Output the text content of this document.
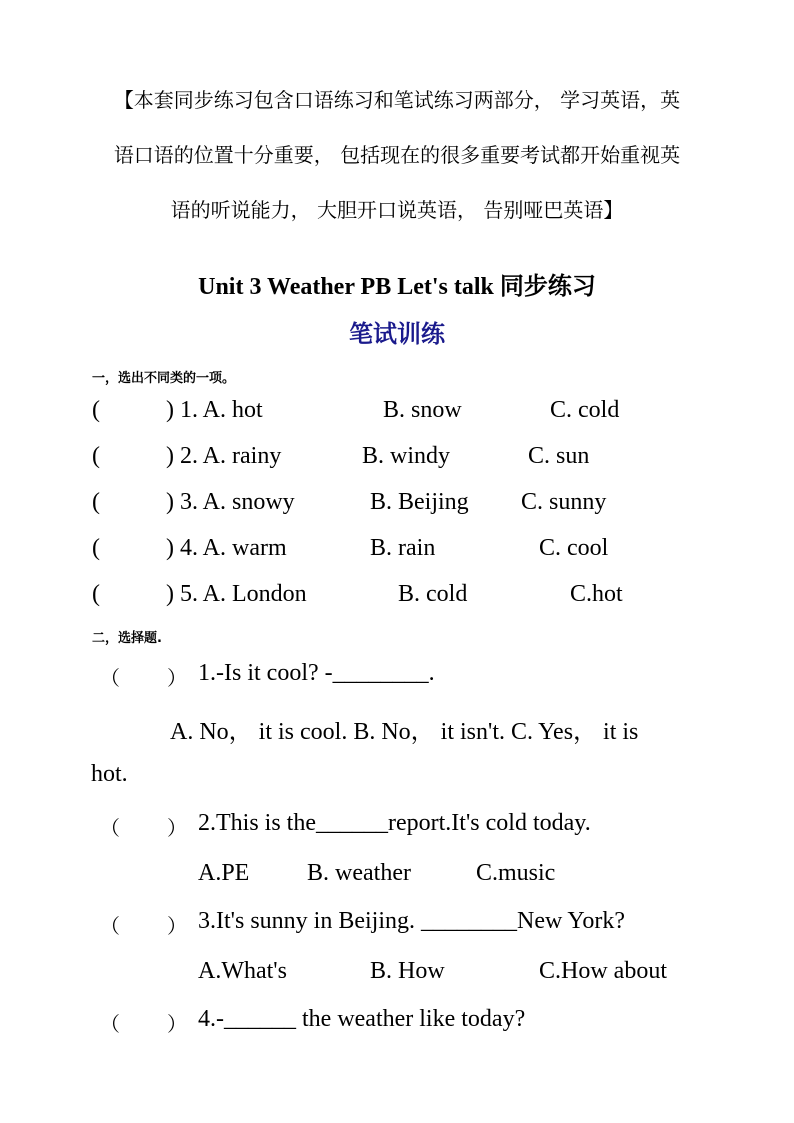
【本套同步练习包含口语练习和笔试练习两部分， 学习英语，英
语口语的位置十分重要， 包括现在的很多重要考试都开始重视英
语的听说能力， 大胆开口说英语， 告别哑巴英语】
Unit 3 Weather PB Let's talk 同步练习
笔试训练
一，选出不同类的一项。
(	) 1. A. hot	B. snow	C. cold
(	) 2. A. rainy	B. windy	C. sun
(	) 3. A. snowy	B. Beijing C. sunny
(	) 4. A. warm	B. rain	C. cool
(	) 5. A. London	B. cold	C.hot
二，选择题.
（ ） 1.-Is it cool? -________.
A. No， it is cool. B. No， it isn't. C. Yes， it is
hot.
（ ） 2.This is the______report.It's cold today.
A.PE B. weather	C.music
（ ） 3.It's sunny in Beijing. ________New York?
A.What's	B. How	C.How about
（ ） 4.-______ the weather like today?
